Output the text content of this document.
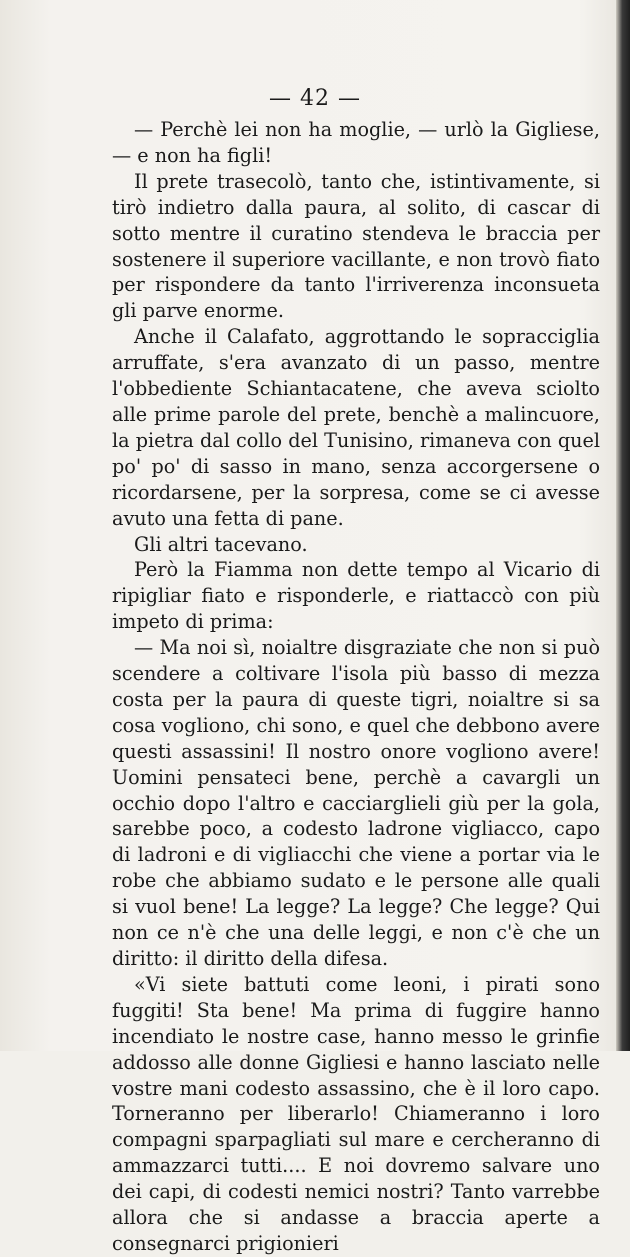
— 42 —

— Perchè lei non ha moglie, — urlò la Gigliese, — e non ha figli!

Il prete trasecolò, tanto che, istintivamente, si tirò indietro dalla paura, al solito, di cascar di sotto mentre il curatino stendeva le braccia per sostenere il superiore vacillante, e non trovò fiato per rispondere da tanto l'irriverenza inconsueta gli parve enorme.

Anche il Calafato, aggrottando le sopracciglia arruffate, s'era avanzato di un passo, mentre l'obbediente Schiantacatene, che aveva sciolto alle prime parole del prete, benchè a malincuore, la pietra dal collo del Tunisino, rimaneva con quel po' po' di sasso in mano, senza accorgersene o ricordarsene, per la sorpresa, come se ci avesse avuto una fetta di pane.

Gli altri tacevano.

Però la Fiamma non dette tempo al Vicario di ripigliar fiato e risponderle, e riattaccò con più impeto di prima:

— Ma noi sì, noialtre disgraziate che non si può scendere a coltivare l'isola più basso di mezza costa per la paura di queste tigri, noialtre si sa cosa vogliono, chi sono, e quel che debbono avere questi assassini! Il nostro onore vogliono avere! Uomini pensateci bene, perchè a cavargli un occhio dopo l'altro e cacciarglieli giù per la gola, sarebbe poco, a codesto ladrone vigliacco, capo di ladroni e di vigliacchi che viene a portar via le robe che abbiamo sudato e le persone alle quali si vuol bene! La legge? La legge? Che legge? Qui non ce n'è che una delle leggi, e non c'è che un diritto: il diritto della difesa.

«Vi siete battuti come leoni, i pirati sono fuggiti! Sta bene! Ma prima di fuggire hanno incendiato le nostre case, hanno messo le grinfie addosso alle donne Gigliesi e hanno lasciato nelle vostre mani codesto assassino, che è il loro capo. Torneranno per liberarlo! Chiameranno i loro compagni sparpagliati sul mare e cercheranno di ammazzarci tutti.... E noi dovremo salvare uno dei capi, di codesti nemici nostri? Tanto varrebbe allora che si andasse a braccia aperte a consegnarci prigionieri
